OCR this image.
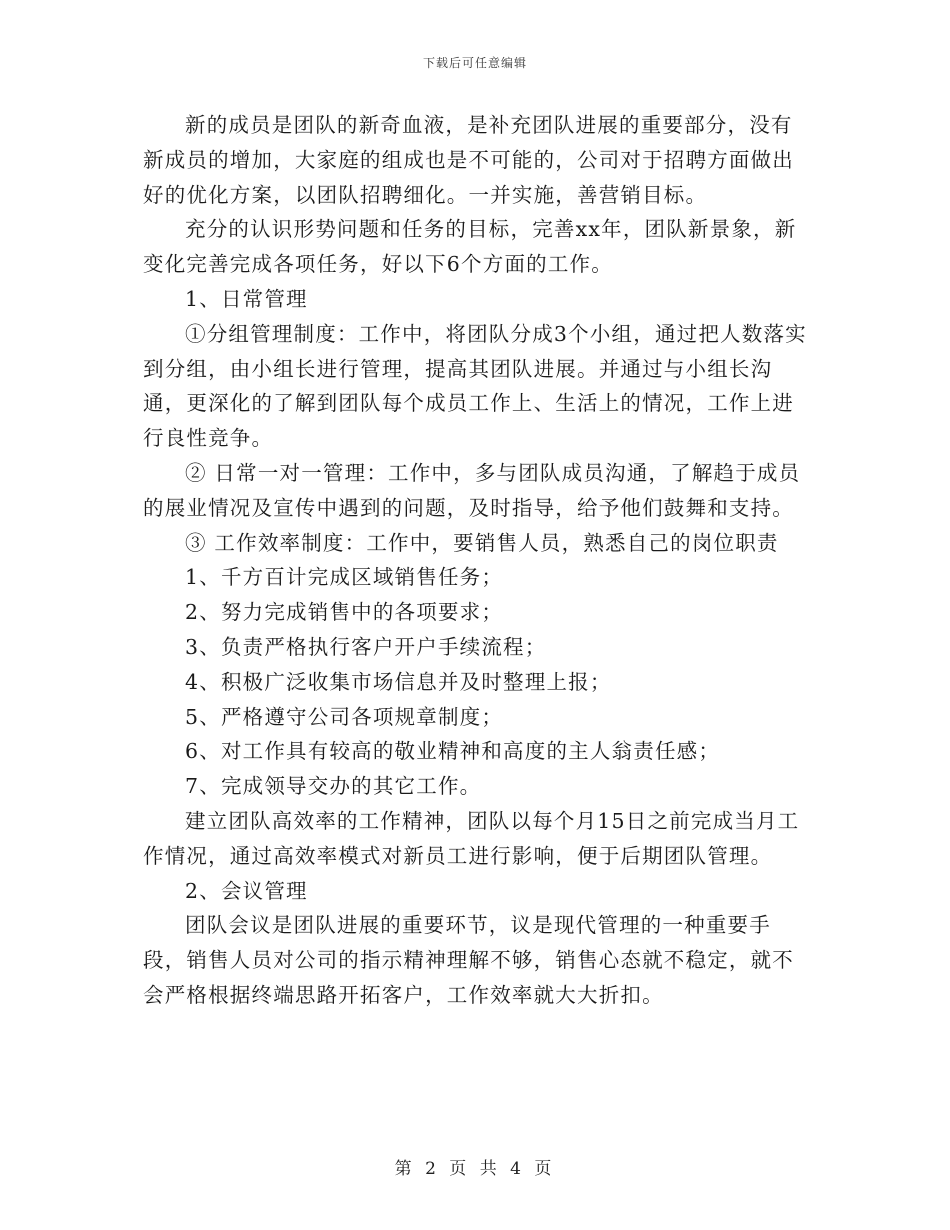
下载后可任意编辑

新的成员是团队的新奇血液，是补充团队进展的重要部分，没有新成员的增加，大家庭的组成也是不可能的，公司对于招聘方面做出好的优化方案，以团队招聘细化。一并实施，善营销目标。

充分的认识形势问题和任务的目标，完善xx年，团队新景象，新变化完善完成各项任务，好以下6个方面的工作。

1、日常管理

①分组管理制度：工作中，将团队分成3个小组，通过把人数落实到分组，由小组长进行管理，提高其团队进展。并通过与小组长沟通，更深化的了解到团队每个成员工作上、生活上的情况，工作上进行良性竞争。

② 日常一对一管理：工作中，多与团队成员沟通，了解趋于成员的展业情况及宣传中遇到的问题，及时指导，给予他们鼓舞和支持。

③ 工作效率制度：工作中，要销售人员，熟悉自己的岗位职责

1、千方百计完成区域销售任务；

2、努力完成销售中的各项要求；

3、负责严格执行客户开户手续流程；

4、积极广泛收集市场信息并及时整理上报；

5、严格遵守公司各项规章制度；

6、对工作具有较高的敬业精神和高度的主人翁责任感；

7、完成领导交办的其它工作。

建立团队高效率的工作精神，团队以每个月15日之前完成当月工作情况，通过高效率模式对新员工进行影响，便于后期团队管理。

2、会议管理

团队会议是团队进展的重要环节，议是现代管理的一种重要手段，销售人员对公司的指示精神理解不够，销售心态就不稳定，就不会严格根据终端思路开拓客户，工作效率就大大折扣。

第 2 页 共 4 页
